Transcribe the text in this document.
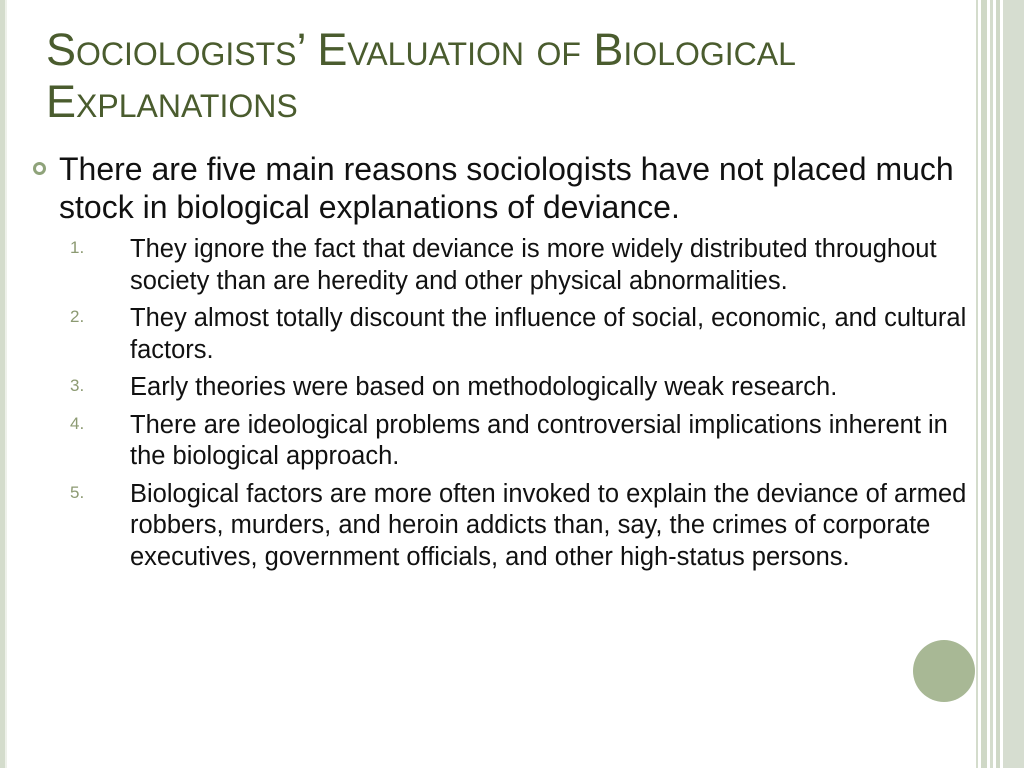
Sociologists’ Evaluation of Biological Explanations
There are five main reasons sociologists have not placed much stock in biological explanations of deviance.
1. They ignore the fact that deviance is more widely distributed throughout society than are heredity and other physical abnormalities.
2. They almost totally discount the influence of social, economic, and cultural factors.
3. Early theories were based on methodologically weak research.
4. There are ideological problems and controversial implications inherent in the biological approach.
5. Biological factors are more often invoked to explain the deviance of armed robbers, murders, and heroin addicts than, say, the crimes of corporate executives, government officials, and other high-status persons.
